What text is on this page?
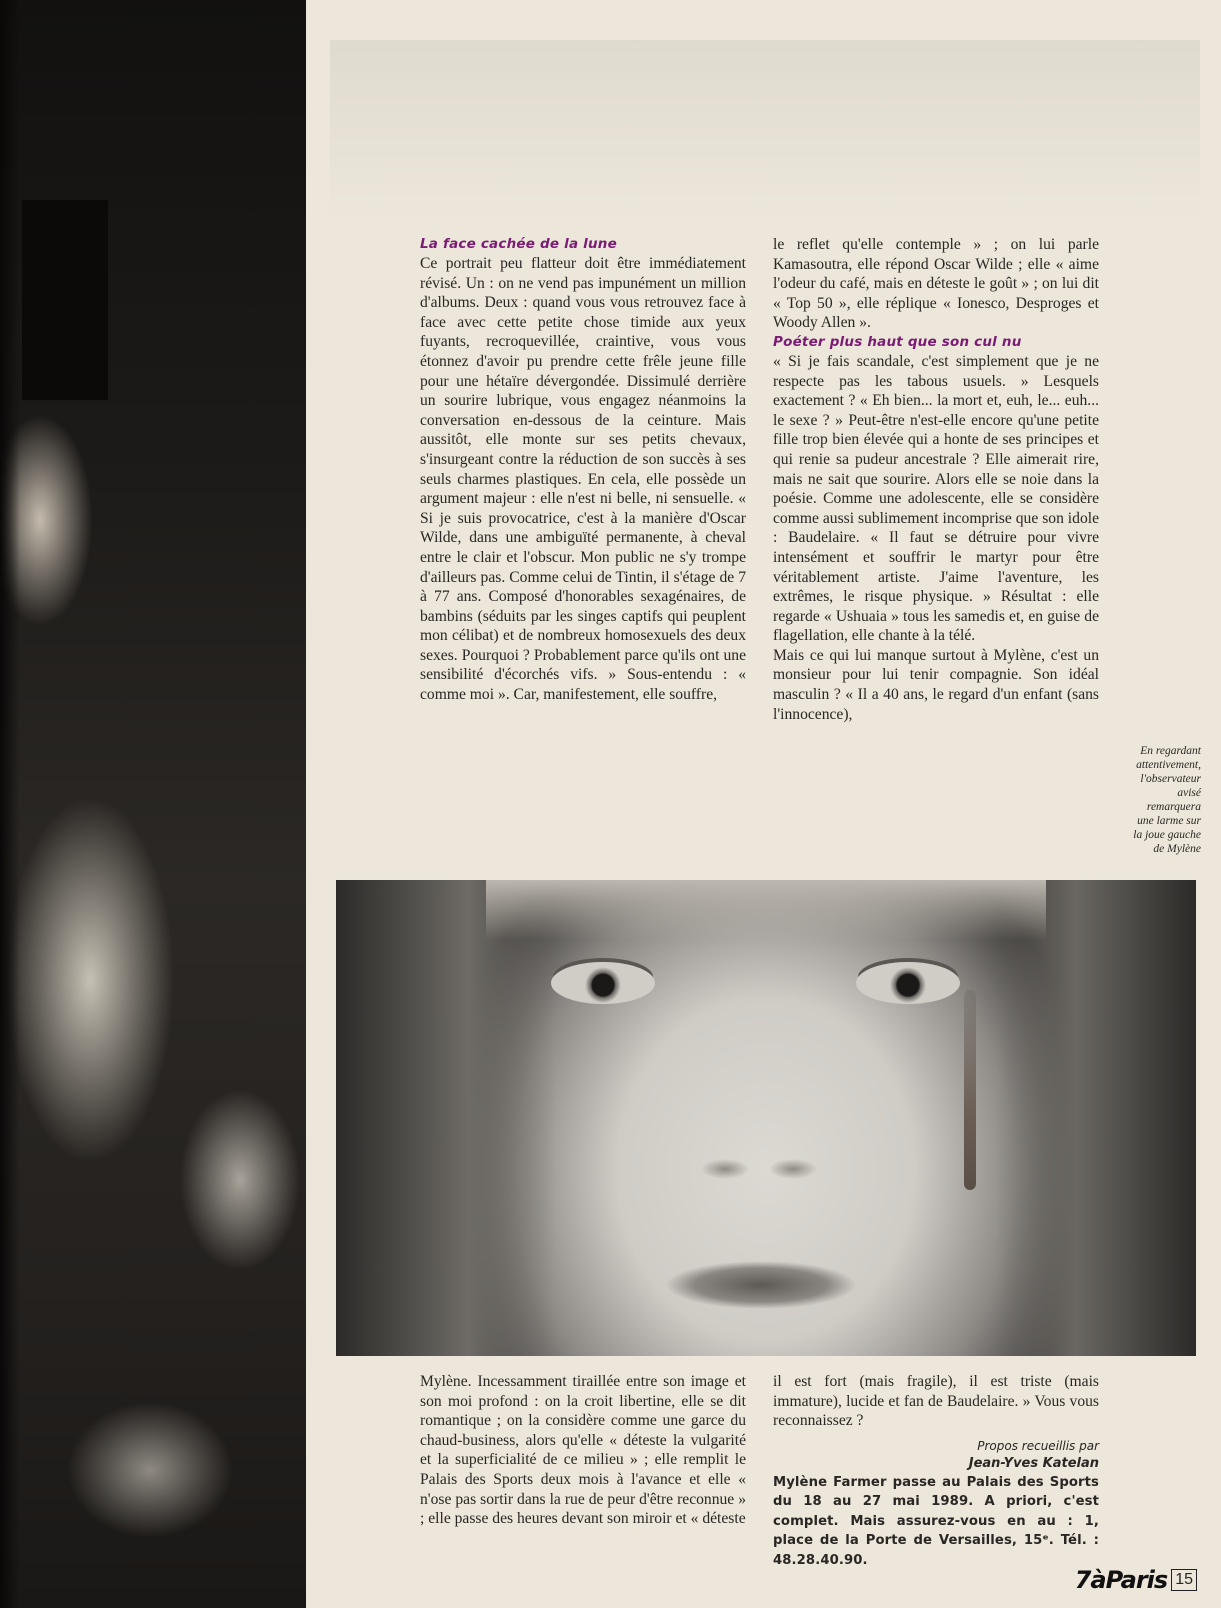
La face cachée de la lune

Ce portrait peu flatteur doit être immédiatement révisé. Un : on ne vend pas impunément un million d'albums. Deux : quand vous vous retrouvez face à face avec cette petite chose timide aux yeux fuyants, recroquevillée, craintive, vous vous étonnez d'avoir pu prendre cette frêle jeune fille pour une hétaïre dévergondée. Dissimulé derrière un sourire lubrique, vous engagez néanmoins la conversation en-dessous de la ceinture. Mais aussitôt, elle monte sur ses petits chevaux, s'insurgeant contre la réduction de son succès à ses seuls charmes plastiques. En cela, elle possède un argument majeur : elle n'est ni belle, ni sensuelle. « Si je suis provocatrice, c'est à la manière d'Oscar Wilde, dans une ambiguïté permanente, à cheval entre le clair et l'obscur. Mon public ne s'y trompe d'ailleurs pas. Comme celui de Tintin, il s'étage de 7 à 77 ans. Composé d'honorables sexagénaires, de bambins (séduits par les singes captifs qui peuplent mon célibat) et de nombreux homosexuels des deux sexes. Pourquoi ? Probablement parce qu'ils ont une sensibilité d'écorchés vifs. » Sous-entendu : « comme moi ». Car, manifestement, elle souffre,

le reflet qu'elle contemple » ; on lui parle Kamasoutra, elle répond Oscar Wilde ; elle « aime l'odeur du café, mais en déteste le goût » ; on lui dit « Top 50 », elle réplique « Ionesco, Desproges et Woody Allen ».

Poéter plus haut que son cul nu

« Si je fais scandale, c'est simplement que je ne respecte pas les tabous usuels. » Lesquels exactement ? « Eh bien... la mort et, euh, le... euh... le sexe ? » Peut-être n'est-elle encore qu'une petite fille trop bien élevée qui a honte de ses principes et qui renie sa pudeur ancestrale ? Elle aimerait rire, mais ne sait que sourire. Alors elle se noie dans la poésie. Comme une adolescente, elle se considère comme aussi sublimement incomprise que son idole : Baudelaire. « Il faut se détruire pour vivre intensément et souffrir le martyr pour être véritablement artiste. J'aime l'aventure, les extrêmes, le risque physique. » Résultat : elle regarde « Ushuaia » tous les samedis et, en guise de flagellation, elle chante à la télé.

Mais ce qui lui manque surtout à Mylène, c'est un monsieur pour lui tenir compagnie. Son idéal masculin ? « Il a 40 ans, le regard d'un enfant (sans l'innocence),

En regardant
attentivement,
l'observateur
avisé
remarquera
une larme sur
la joue gauche
de Mylène

Mylène. Incessamment tiraillée entre son image et son moi profond : on la croit libertine, elle se dit romantique ; on la considère comme une garce du chaud-business, alors qu'elle « déteste la vulgarité et la superficialité de ce milieu » ; elle remplit le Palais des Sports deux mois à l'avance et elle « n'ose pas sortir dans la rue de peur d'être reconnue » ; elle passe des heures devant son miroir et « déteste

il est fort (mais fragile), il est triste (mais immature), lucide et fan de Baudelaire. » Vous vous reconnaissez ?

Propos recueillis par
Jean-Yves Katelan

Mylène Farmer passe au Palais des Sports du 18 au 27 mai 1989. A priori, c'est complet. Mais assurez-vous en au : 1, place de la Porte de Versailles, 15ᵉ. Tél. : 48.28.40.90.

7àParis 15
